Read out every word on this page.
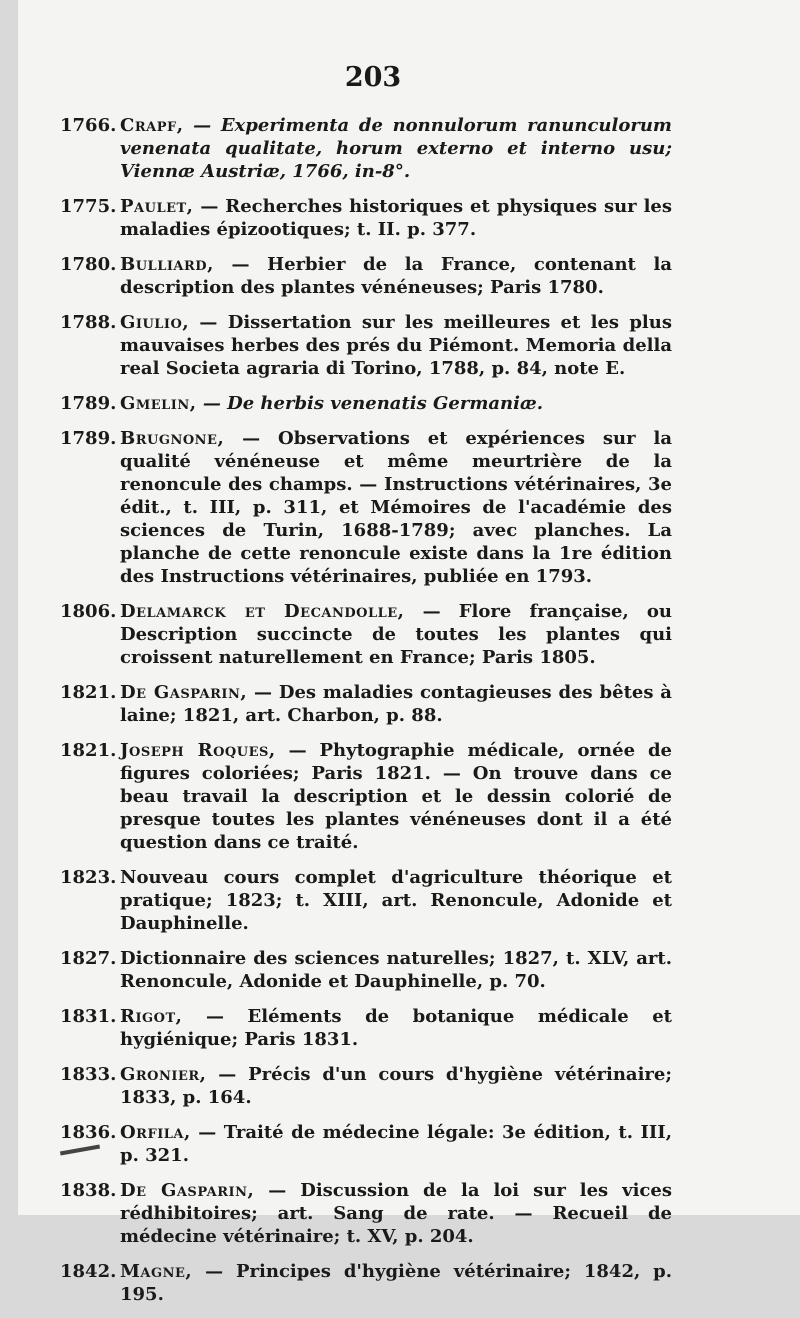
203
1766. Crapf, — Experimenta de nonnulorum ranunculorum venenata qualitate, horum externo et interno usu; Viennæ Austriæ, 1766, in-8°.
1775. Paulet, — Recherches historiques et physiques sur les maladies épizootiques; t. II. p. 377.
1780. Bulliard, — Herbier de la France, contenant la description des plantes vénéneuses; Paris 1780.
1788. Giulio, — Dissertation sur les meilleures et les plus mauvaises herbes des prés du Piémont. Memoria della real Societa agraria di Torino, 1788, p. 84, note E.
1789. Gmelin, — De herbis venenatis Germaniæ.
1789. Brugnone, — Observations et expériences sur la qualité vénéneuse et même meurtrière de la renoncule des champs. — Instructions vétérinaires, 3e édit., t. III, p. 311, et Mémoires de l'académie des sciences de Turin, 1688-1789; avec planches. La planche de cette renoncule existe dans la 1re édition des Instructions vétérinaires, publiée en 1793.
1806. Delamarck et Decandolle, — Flore française, ou Description succincte de toutes les plantes qui croissent naturellement en France; Paris 1805.
1821. De Gasparin, — Des maladies contagieuses des bêtes à laine; 1821, art. Charbon, p. 88.
1821. Joseph Roques, — Phytographie médicale, ornée de figures coloriées; Paris 1821. — On trouve dans ce beau travail la description et le dessin colorié de presque toutes les plantes vénéneuses dont il a été question dans ce traité.
1823. Nouveau cours complet d'agriculture théorique et pratique; 1823; t. XIII, art. Renoncule, Adonide et Dauphinelle.
1827. Dictionnaire des sciences naturelles; 1827, t. XLV, art. Renoncule, Adonide et Dauphinelle, p. 70.
1831. Rigot, — Eléments de botanique médicale et hygiénique; Paris 1831.
1833. Gronier, — Précis d'un cours d'hygiène vétérinaire; 1833, p. 164.
1836. Orfila, — Traité de médecine légale: 3e édition, t. III, p. 321.
1838. De Gasparin, — Discussion de la loi sur les vices rédhibitoires; art. Sang de rate. — Recueil de médecine vétérinaire; t. XV, p. 204.
1842. Magne, — Principes d'hygiène vétérinaire; 1842, p. 195.
